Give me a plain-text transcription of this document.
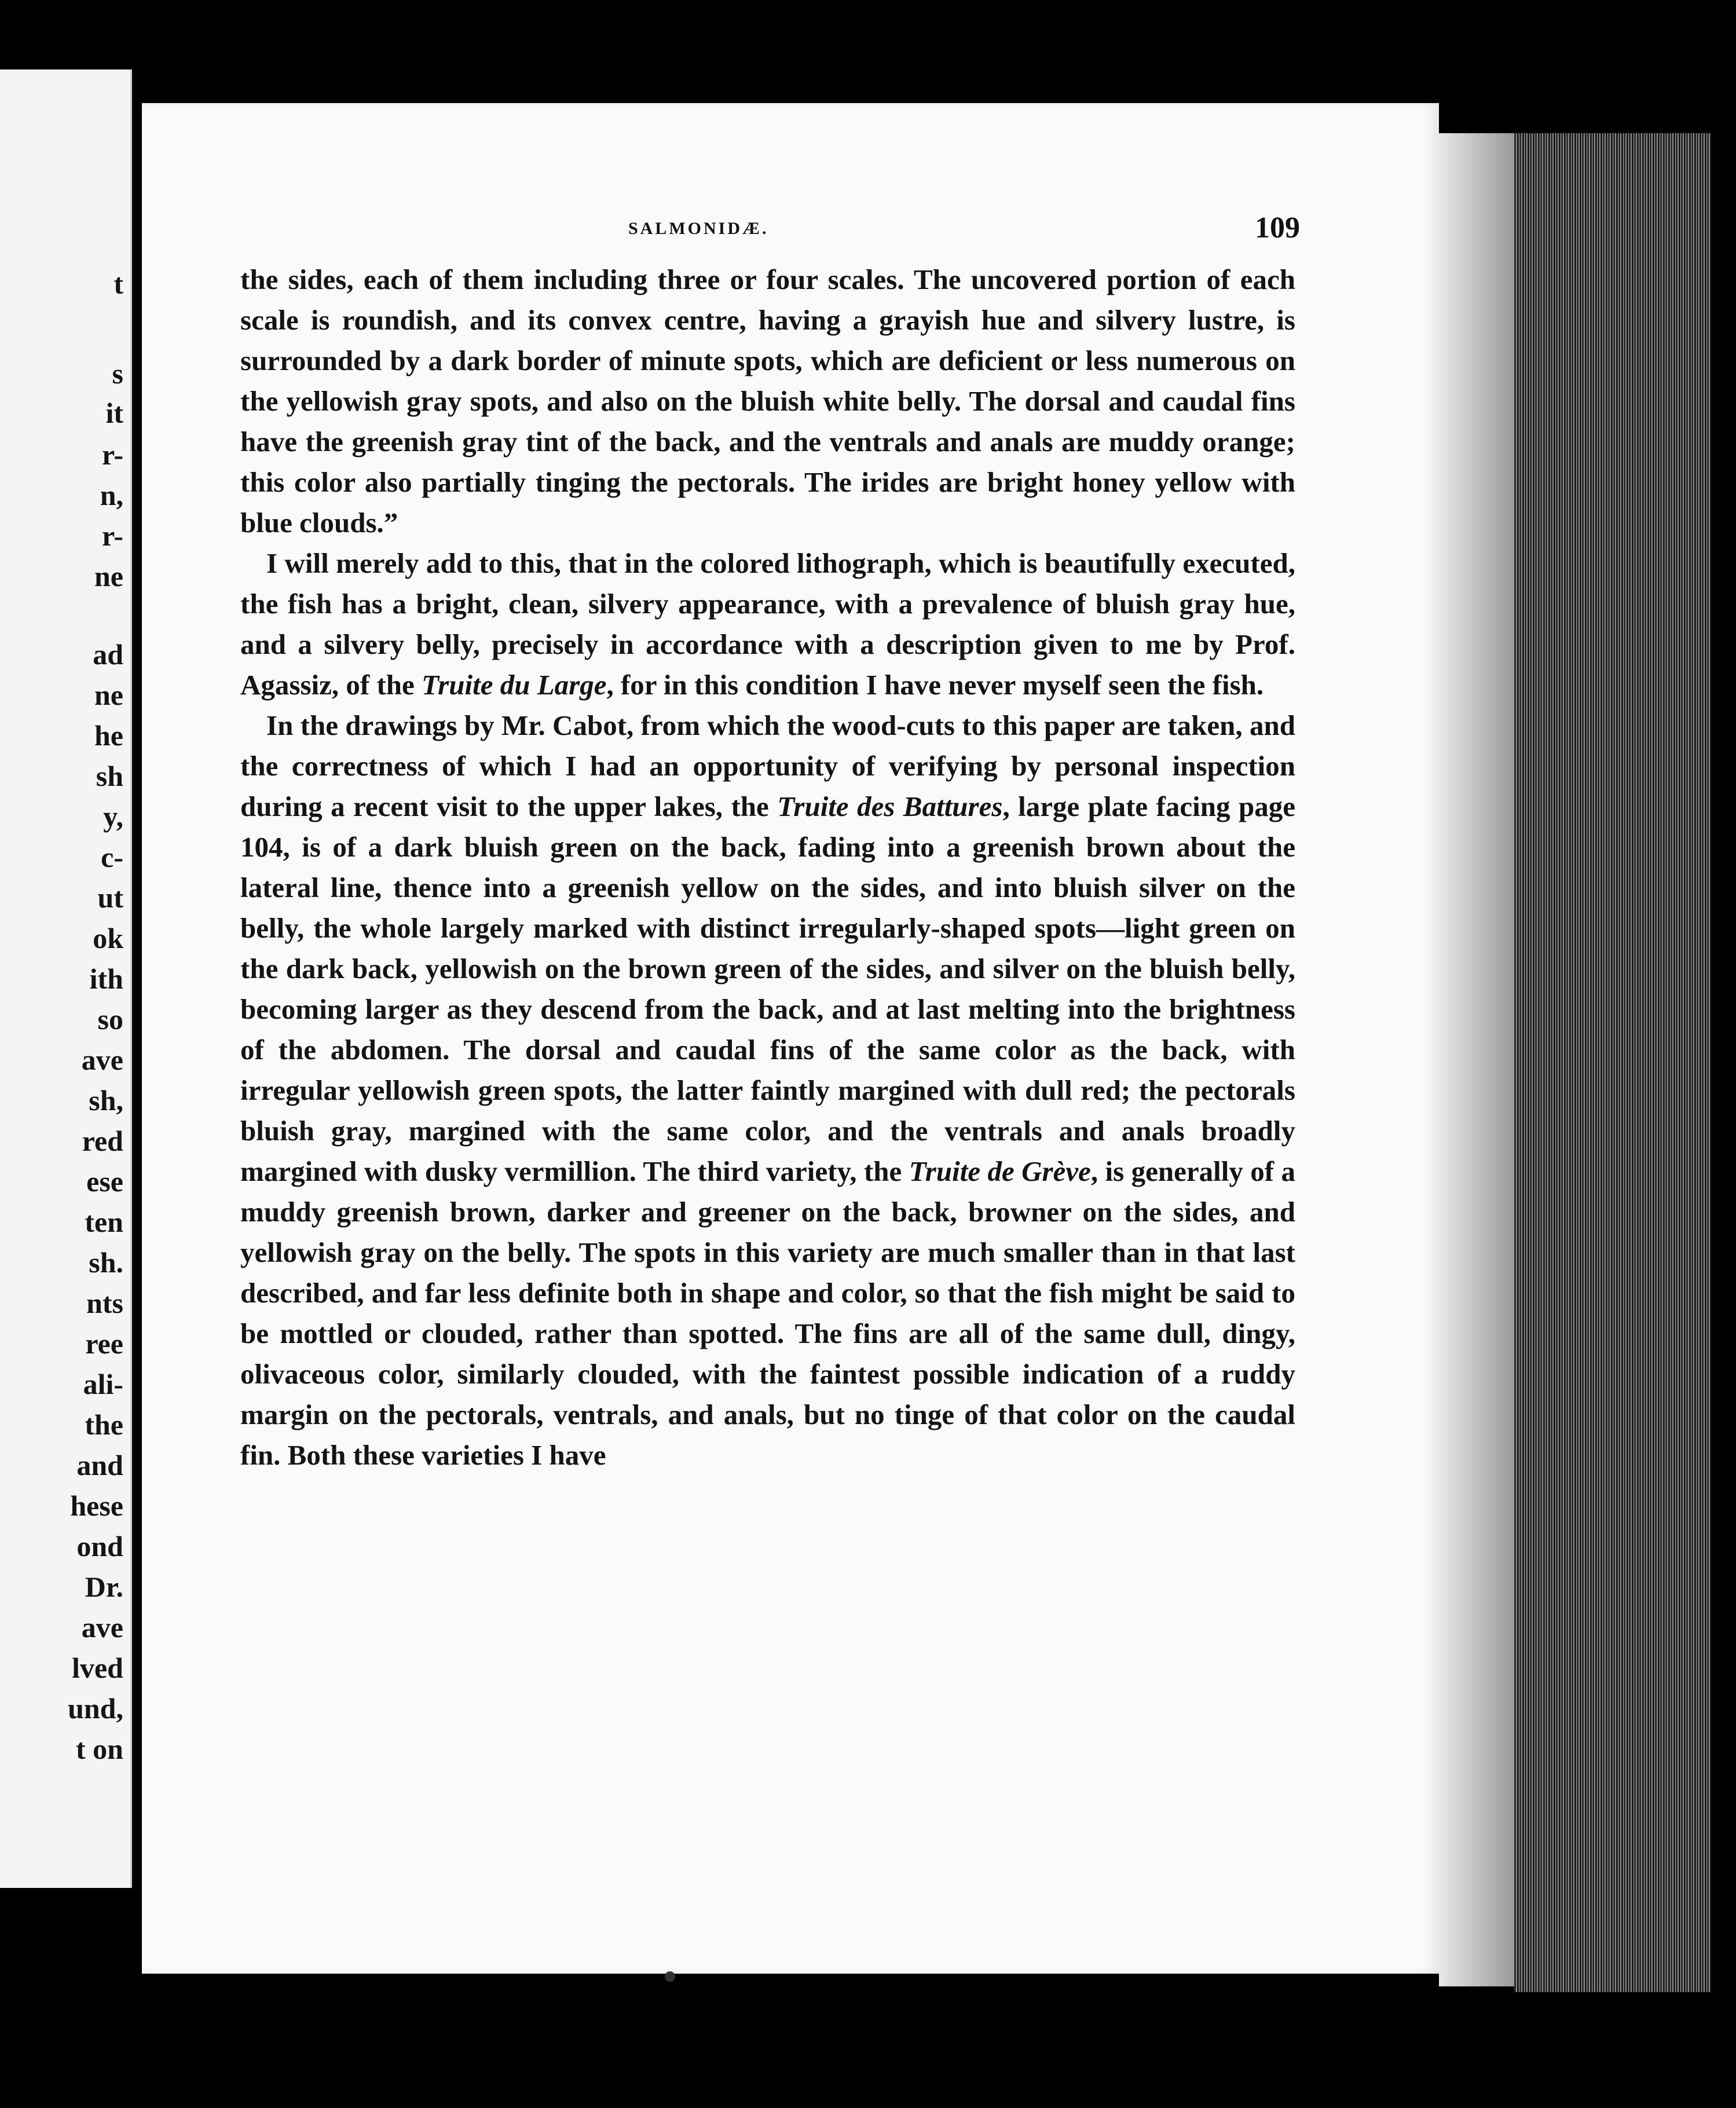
t
s
it
r-
n,
r-
ne
ad
ne
he
sh
y,
c-
ut
ok
ith
so
ave
sh,
red
ese
ten
sh.
nts
ree
ali-
the
and
hese
ond
Dr.
ave
lved
und,
t on
SALMONIDÆ.	109

the sides, each of them including three or four scales. The uncovered portion of each scale is roundish, and its convex centre, having a grayish hue and silvery lustre, is surrounded by a dark border of minute spots, which are deficient or less numerous on the yellowish gray spots, and also on the bluish white belly. The dorsal and caudal fins have the greenish gray tint of the back, and the ventrals and anals are muddy orange; this color also partially tinging the pectorals. The irides are bright honey yellow with blue clouds.”

I will merely add to this, that in the colored lithograph, which is beautifully executed, the fish has a bright, clean, silvery appearance, with a prevalence of bluish gray hue, and a silvery belly, precisely in accordance with a description given to me by Prof. Agassiz, of the Truite du Large, for in this condition I have never myself seen the fish.

In the drawings by Mr. Cabot, from which the wood-cuts to this paper are taken, and the correctness of which I had an opportunity of verifying by personal inspection during a recent visit to the upper lakes, the Truite des Battures, large plate facing page 104, is of a dark bluish green on the back, fading into a greenish brown about the lateral line, thence into a greenish yellow on the sides, and into bluish silver on the belly, the whole largely marked with distinct irregularly-shaped spots—light green on the dark back, yellowish on the brown green of the sides, and silver on the bluish belly, becoming larger as they descend from the back, and at last melting into the brightness of the abdomen. The dorsal and caudal fins of the same color as the back, with irregular yellowish green spots, the latter faintly margined with dull red; the pectorals bluish gray, margined with the same color, and the ventrals and anals broadly margined with dusky vermillion. The third variety, the Truite de Grève, is generally of a muddy greenish brown, darker and greener on the back, browner on the sides, and yellowish gray on the belly. The spots in this variety are much smaller than in that last described, and far less definite both in shape and color, so that the fish might be said to be mottled or clouded, rather than spotted. The fins are all of the same dull, dingy, olivaceous color, similarly clouded, with the faintest possible indication of a ruddy margin on the pectorals, ventrals, and anals, but no tinge of that color on the caudal fin. Both these varieties I have
